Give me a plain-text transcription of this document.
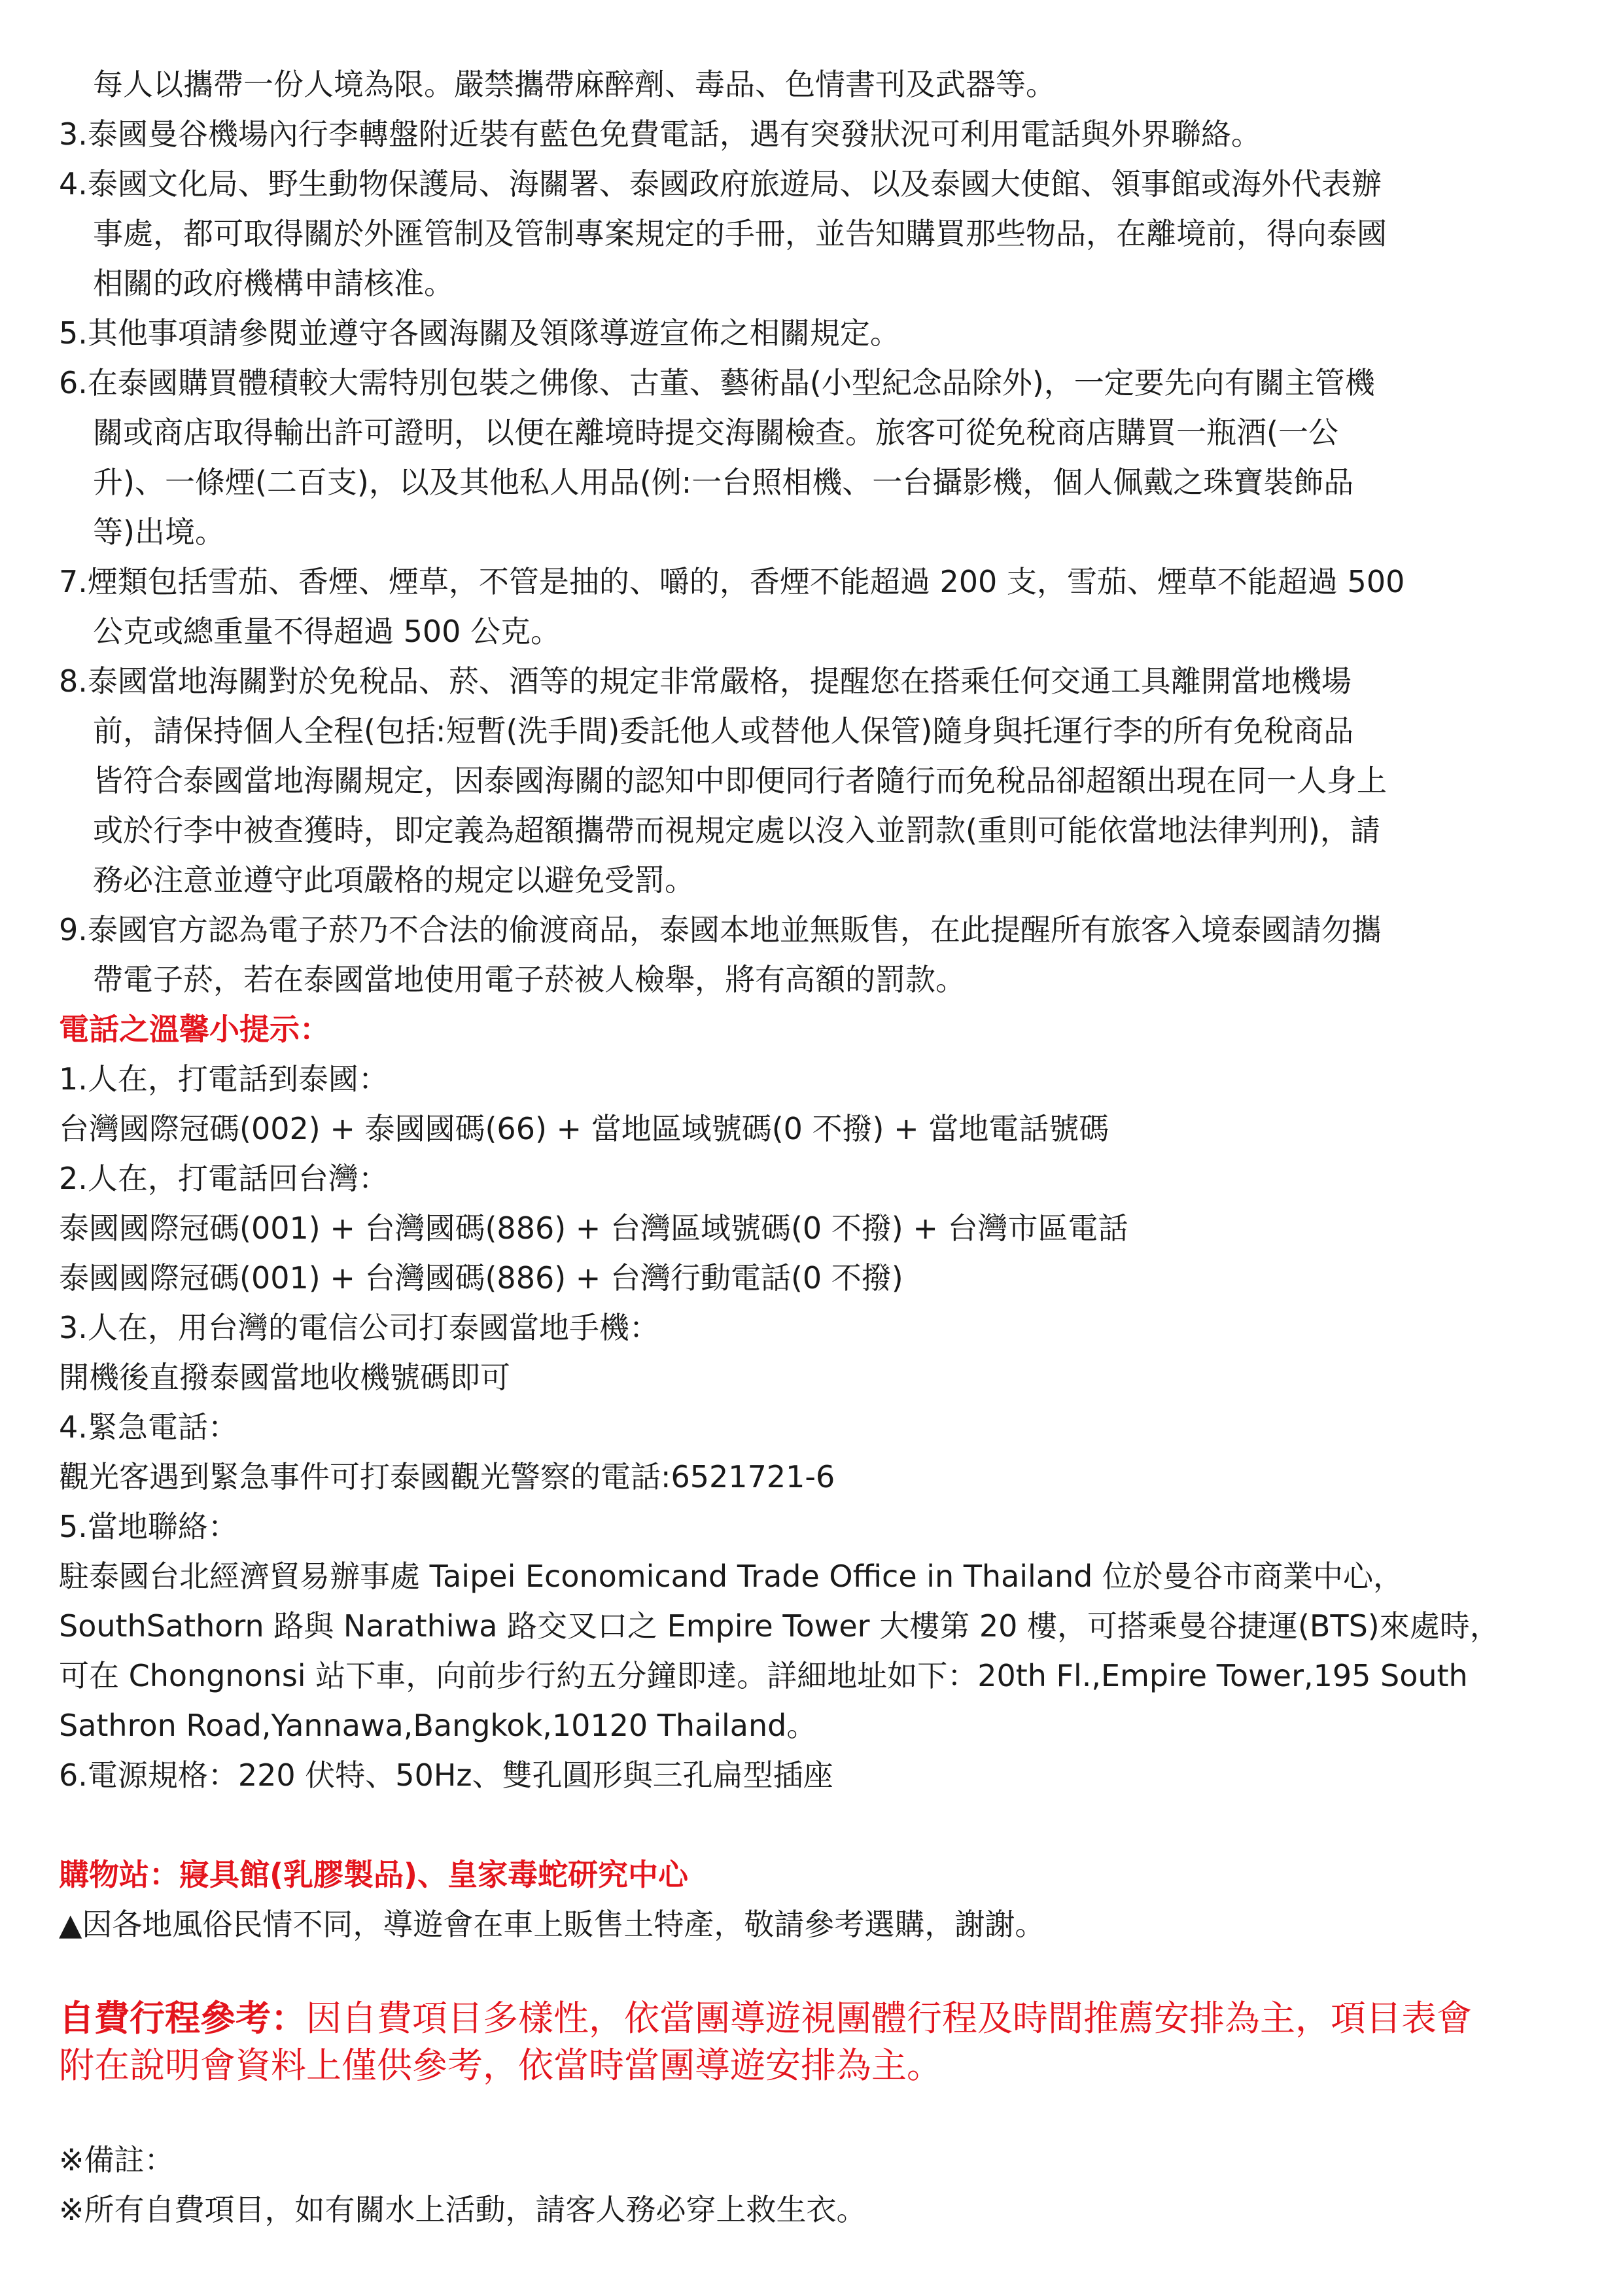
每人以攜帶一份人境為限。嚴禁攜帶麻醉劑、毒品、色情書刊及武器等。
3.泰國曼谷機場內行李轉盤附近裝有藍色免費電話，遇有突發狀況可利用電話與外界聯絡。
4.泰國文化局、野生動物保護局、海關署、泰國政府旅遊局、以及泰國大使館、領事館或海外代表辦
事處，都可取得關於外匯管制及管制專案規定的手冊，並告知購買那些物品，在離境前，得向泰國
相關的政府機構申請核准。
5.其他事項請參閱並遵守各國海關及領隊導遊宣佈之相關規定。
6.在泰國購買體積較大需特別包裝之佛像、古董、藝術晶(小型紀念品除外)，一定要先向有關主管機
關或商店取得輸出許可證明，以便在離境時提交海關檢查。旅客可從免稅商店購買一瓶酒(一公
升)、一條煙(二百支)，以及其他私人用品(例:一台照相機、一台攝影機，個人佩戴之珠寶裝飾品
等)出境。
7.煙類包括雪茄、香煙、煙草，不管是抽的、嚼的，香煙不能超過 200 支，雪茄、煙草不能超過 500
公克或總重量不得超過 500 公克。
8.泰國當地海關對於免稅品、菸、酒等的規定非常嚴格，提醒您在搭乘任何交通工具離開當地機場
前，請保持個人全程(包括:短暫(洗手間)委託他人或替他人保管)隨身與托運行李的所有免稅商品
皆符合泰國當地海關規定，因泰國海關的認知中即便同行者隨行而免稅品卻超額出現在同一人身上
或於行李中被查獲時，即定義為超額攜帶而視規定處以沒入並罰款(重則可能依當地法律判刑)，請
務必注意並遵守此項嚴格的規定以避免受罰。
9.泰國官方認為電子菸乃不合法的偷渡商品，泰國本地並無販售，在此提醒所有旅客入境泰國請勿攜
帶電子菸，若在泰國當地使用電子菸被人檢舉，將有高額的罰款。
電話之溫馨小提示：
1.人在，打電話到泰國：
台灣國際冠碼(002) + 泰國國碼(66) + 當地區域號碼(0 不撥) + 當地電話號碼
2.人在，打電話回台灣：
泰國國際冠碼(001) + 台灣國碼(886) + 台灣區域號碼(0 不撥) + 台灣市區電話
泰國國際冠碼(001) + 台灣國碼(886) + 台灣行動電話(0 不撥)
3.人在，用台灣的電信公司打泰國當地手機：
開機後直撥泰國當地收機號碼即可
4.緊急電話：
觀光客遇到緊急事件可打泰國觀光警察的電話:6521721-6
5.當地聯絡：
駐泰國台北經濟貿易辦事處 Taipei Economicand Trade Office in Thailand 位於曼谷市商業中心，
SouthSathorn 路與 Narathiwa 路交叉口之 Empire Tower 大樓第 20 樓，可搭乘曼谷捷運(BTS)來處時，
可在 Chongnonsi 站下車，向前步行約五分鐘即達。詳細地址如下：20th Fl.,Empire Tower,195 South
Sathron Road,Yannawa,Bangkok,10120 Thailand。
6.電源規格：220 伏特、50Hz、雙孔圓形與三孔扁型插座
購物站：寢具館(乳膠製品)、皇家毒蛇研究中心
▲因各地風俗民情不同，導遊會在車上販售土特產，敬請參考選購，謝謝。
自費行程參考：因自費項目多樣性，依當團導遊視團體行程及時間推薦安排為主，項目表會
附在說明會資料上僅供參考，依當時當團導遊安排為主。
※備註：
※所有自費項目，如有關水上活動，請客人務必穿上救生衣。
